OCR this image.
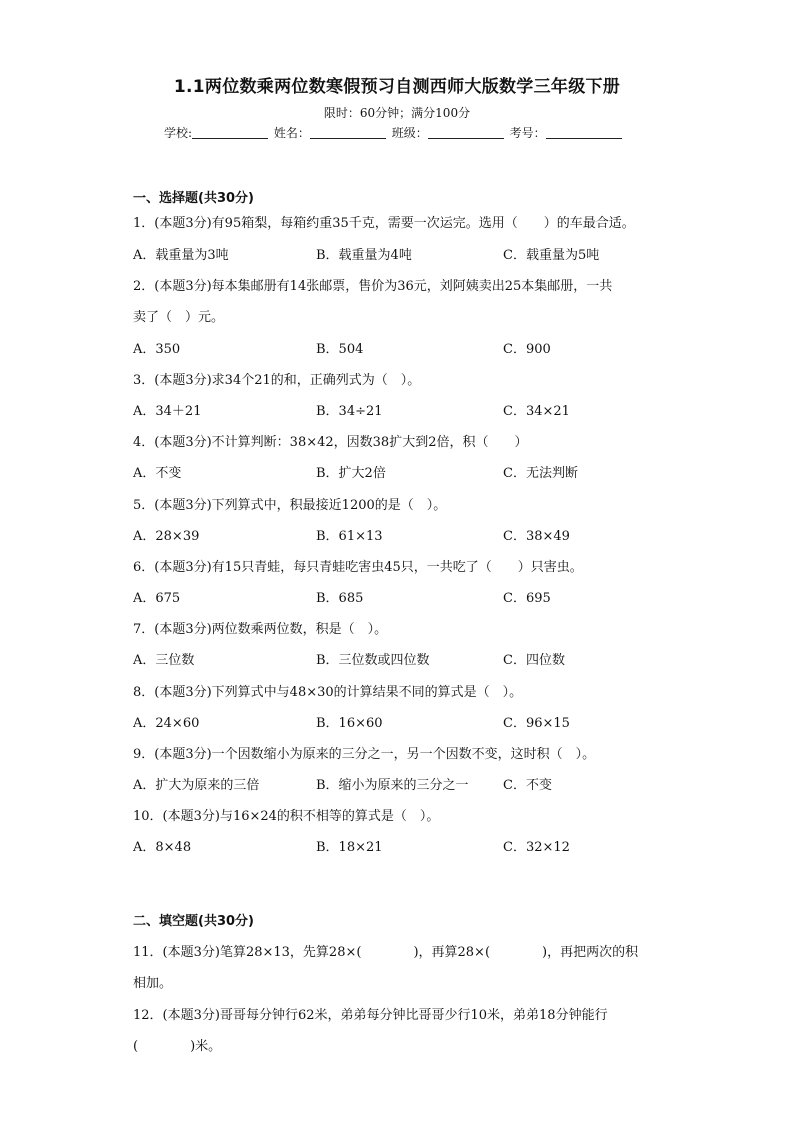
1.1两位数乘两位数寒假预习自测西师大版数学三年级下册
限时：60分钟；满分100分
学校:	姓名：	班级：	考号：
一、选择题(共30分)
1．(本题3分)有95箱梨，每箱约重35千克，需要一次运完。选用（　　）的车最合适。
A．载重量为3吨	B．载重量为4吨	C．载重量为5吨
2．(本题3分)每本集邮册有14张邮票，售价为36元，刘阿姨卖出25本集邮册，一共
卖了（　）元。
A．350	B．504	C．900
3．(本题3分)求34个21的和，正确列式为（　）。
A．34＋21	B．34÷21	C．34×21
4．(本题3分)不计算判断：38×42，因数38扩大到2倍，积（　　）
A．不变	B．扩大2倍	C．无法判断
5．(本题3分)下列算式中，积最接近1200的是（　）。
A．28×39	B．61×13	C．38×49
6．(本题3分)有15只青蛙，每只青蛙吃害虫45只，一共吃了（　　）只害虫。
A．675	B．685	C．695
7．(本题3分)两位数乘两位数，积是（　）。
A．三位数	B．三位数或四位数	C．四位数
8．(本题3分)下列算式中与48×30的计算结果不同的算式是（　）。
A．24×60	B．16×60	C．96×15
9．(本题3分)一个因数缩小为原来的三分之一，另一个因数不变，这时积（　）。
A．扩大为原来的三倍	B．缩小为原来的三分之一	C．不变
10．(本题3分)与16×24的积不相等的算式是（　）。
A．8×48	B．18×21	C．32×12
二、填空题(共30分)
11．(本题3分)笔算28×13，先算28×(　　　　)，再算28×(　　　　)，再把两次的积
相加。
12．(本题3分)哥哥每分钟行62米，弟弟每分钟比哥哥少行10米，弟弟18分钟能行
(　　　　)米。
